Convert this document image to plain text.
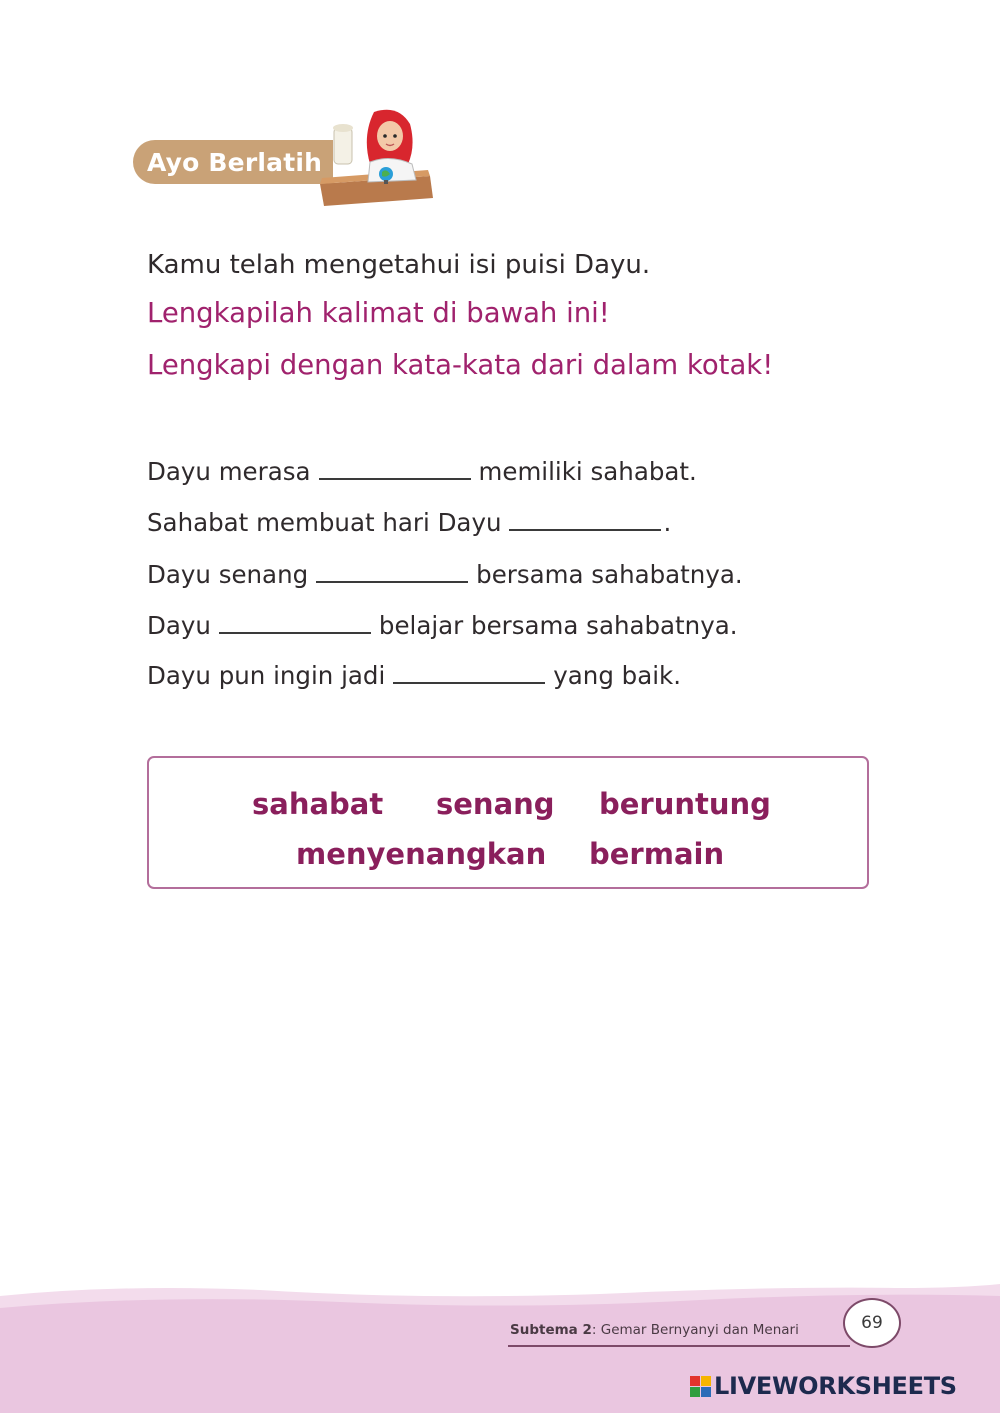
Ayo Berlatih
Kamu telah mengetahui isi puisi Dayu.
Lengkapilah kalimat di bawah ini!
Lengkapi dengan kata-kata dari dalam kotak!
Dayu merasa	memiliki sahabat.
Sahabat membuat hari Dayu	.
Dayu senang	bersama sahabatnya.
Dayu	belajar bersama sahabatnya.
Dayu pun ingin jadi	yang baik.
sahabat senang beruntung
menyenangkan bermain
Subtema 2: Gemar Bernyanyi dan Menari	69
LIVEWORKSHEETS
